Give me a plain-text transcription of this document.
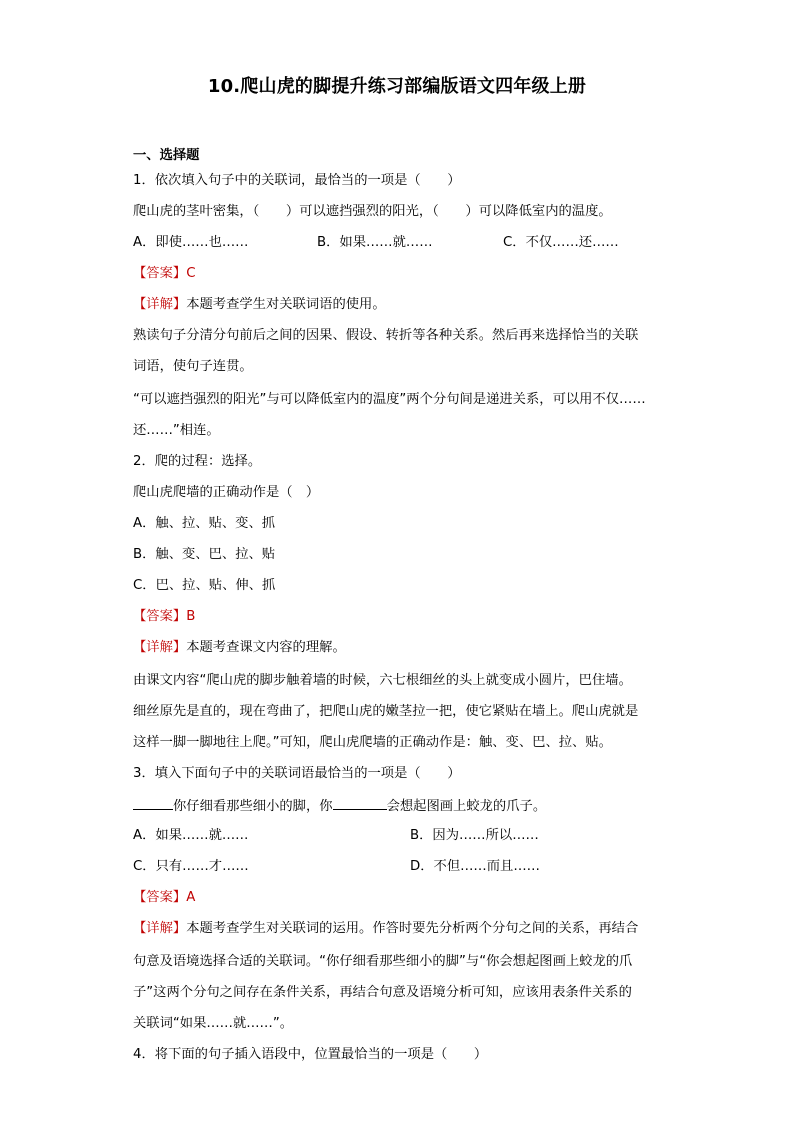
10.爬山虎的脚提升练习部编版语文四年级上册
一、选择题
1．依次填入句子中的关联词，最恰当的一项是（　　）
爬山虎的茎叶密集，（　　）可以遮挡强烈的阳光，（　　）可以降低室内的温度。
A．即使……也……	B．如果……就……	C．不仅……还……
【答案】C
【详解】本题考查学生对关联词语的使用。
熟读句子分清分句前后之间的因果、假设、转折等各种关系。然后再来选择恰当的关联
词语，使句子连贯。
“可以遮挡强烈的阳光”与可以降低室内的温度”两个分句间是递进关系，可以用不仅……
还……”相连。
2．爬的过程：选择。
爬山虎爬墙的正确动作是（　）
A．触、拉、贴、变、抓
B．触、变、巴、拉、贴
C．巴、拉、贴、伸、抓
【答案】B
【详解】本题考查课文内容的理解。
由课文内容“爬山虎的脚步触着墙的时候，六七根细丝的头上就变成小圆片，巴住墙。
细丝原先是直的，现在弯曲了，把爬山虎的嫩茎拉一把，使它紧贴在墙上。爬山虎就是
这样一脚一脚地往上爬。”可知，爬山虎爬墙的正确动作是：触、变、巴、拉、贴。
3．填入下面句子中的关联词语最恰当的一项是（　　）
你仔细看那些细小的脚，你	会想起图画上蛟龙的爪子。
A．如果……就……	B．因为……所以……
C．只有……才……	D．不但……而且……
【答案】A
【详解】本题考查学生对关联词的运用。作答时要先分析两个分句之间的关系，再结合
句意及语境选择合适的关联词。“你仔细看那些细小的脚”与“你会想起图画上蛟龙的爪
子”这两个分句之间存在条件关系，再结合句意及语境分析可知，应该用表条件关系的
关联词“如果……就……”。
4．将下面的句子插入语段中，位置最恰当的一项是（　　）
